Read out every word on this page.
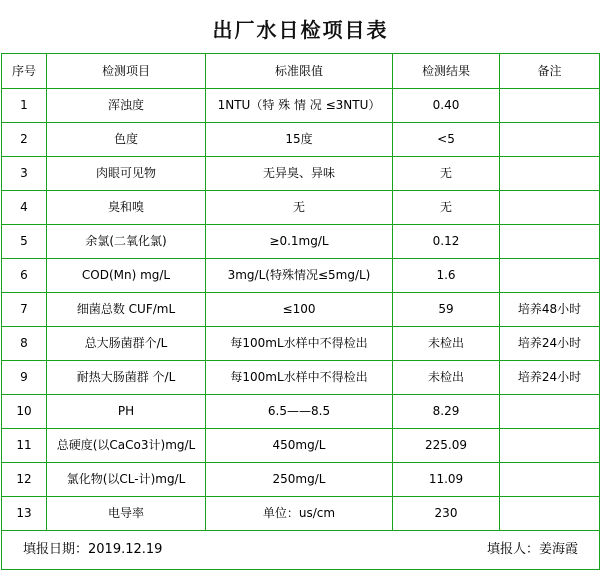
出厂水日检项目表
序号	检测项目	标准限值	检测结果	备注
1	浑浊度	1NTU（特 殊 情 况 ≤3NTU）	0.40	
2	色度	15度	<5	
3	肉眼可见物	无异臭、异味	无	
4	臭和嗅	无	无	
5	余氯(二氧化氯)	≥0.1mg/L	0.12	
6	COD(Mn) mg/L	3mg/L(特殊情况≤5mg/L)	1.6	
7	细菌总数 CUF/mL	≤100	59	培养48小时
8	总大肠菌群个/L	每100mL水样中不得检出	未检出	培养24小时
9	耐热大肠菌群 个/L	每100mL水样中不得检出	未检出	培养24小时
10	PH	6.5——8.5	8.29	
11	总硬度(以CaCo3计)mg/L	450mg/L	225.09	
12	氯化物(以CL-计)mg/L	250mg/L	11.09	
13	电导率	单位：us/cm	230	

填报日期：2019.12.19 填报人：姜海霞				
